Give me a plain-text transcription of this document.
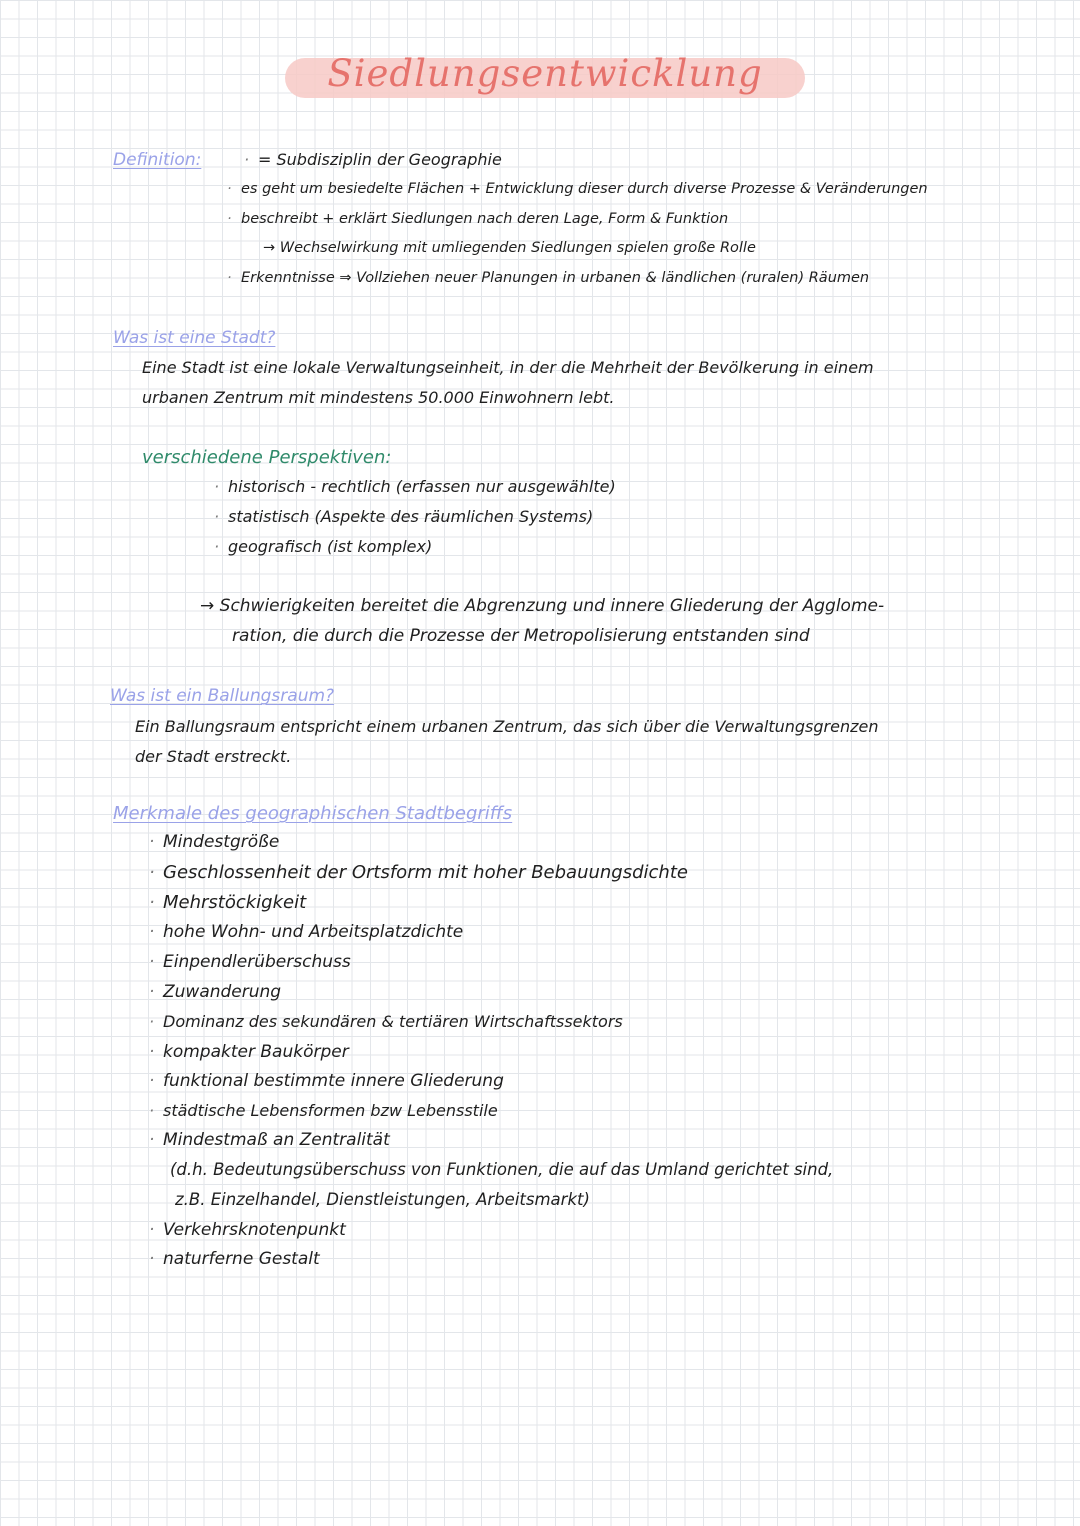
Siedlungsentwicklung
Definition:
·	= Subdisziplin der Geographie
· es geht um besiedelte Flächen + Entwicklung dieser durch diverse Prozesse & Veränderungen
· beschreibt + erklärt Siedlungen nach deren Lage, Form & Funktion
→ Wechselwirkung mit umliegenden Siedlungen spielen große Rolle
· Erkenntnisse ⇒ Vollziehen neuer Planungen in urbanen & ländlichen (ruralen) Räumen
Was ist eine Stadt?
Eine Stadt ist eine lokale Verwaltungseinheit, in der die Mehrheit der Bevölkerung in einem
urbanen Zentrum mit mindestens 50.000 Einwohnern lebt.
verschiedene Perspektiven:
· historisch - rechtlich (erfassen nur ausgewählte)
· statistisch (Aspekte des räumlichen Systems)
· geografisch (ist komplex)
→ Schwierigkeiten bereitet die Abgrenzung und innere Gliederung der Agglome-
ration, die durch die Prozesse der Metropolisierung entstanden sind
Was ist ein Ballungsraum?
Ein Ballungsraum entspricht einem urbanen Zentrum, das sich über die Verwaltungsgrenzen
der Stadt erstreckt.
Merkmale des geographischen Stadtbegriffs
· Mindestgröße
· Geschlossenheit der Ortsform mit hoher Bebauungsdichte
· Mehrstöckigkeit
· hohe Wohn- und Arbeitsplatzdichte
· Einpendlerüberschuss
· Zuwanderung
· Dominanz des sekundären & tertiären Wirtschaftssektors
· kompakter Baukörper
· funktional bestimmte innere Gliederung
· städtische Lebensformen bzw Lebensstile
· Mindestmaß an Zentralität
(d.h. Bedeutungsüberschuss von Funktionen, die auf das Umland gerichtet sind,
z.B. Einzelhandel, Dienstleistungen, Arbeitsmarkt)
· Verkehrsknotenpunkt
· naturferne Gestalt
